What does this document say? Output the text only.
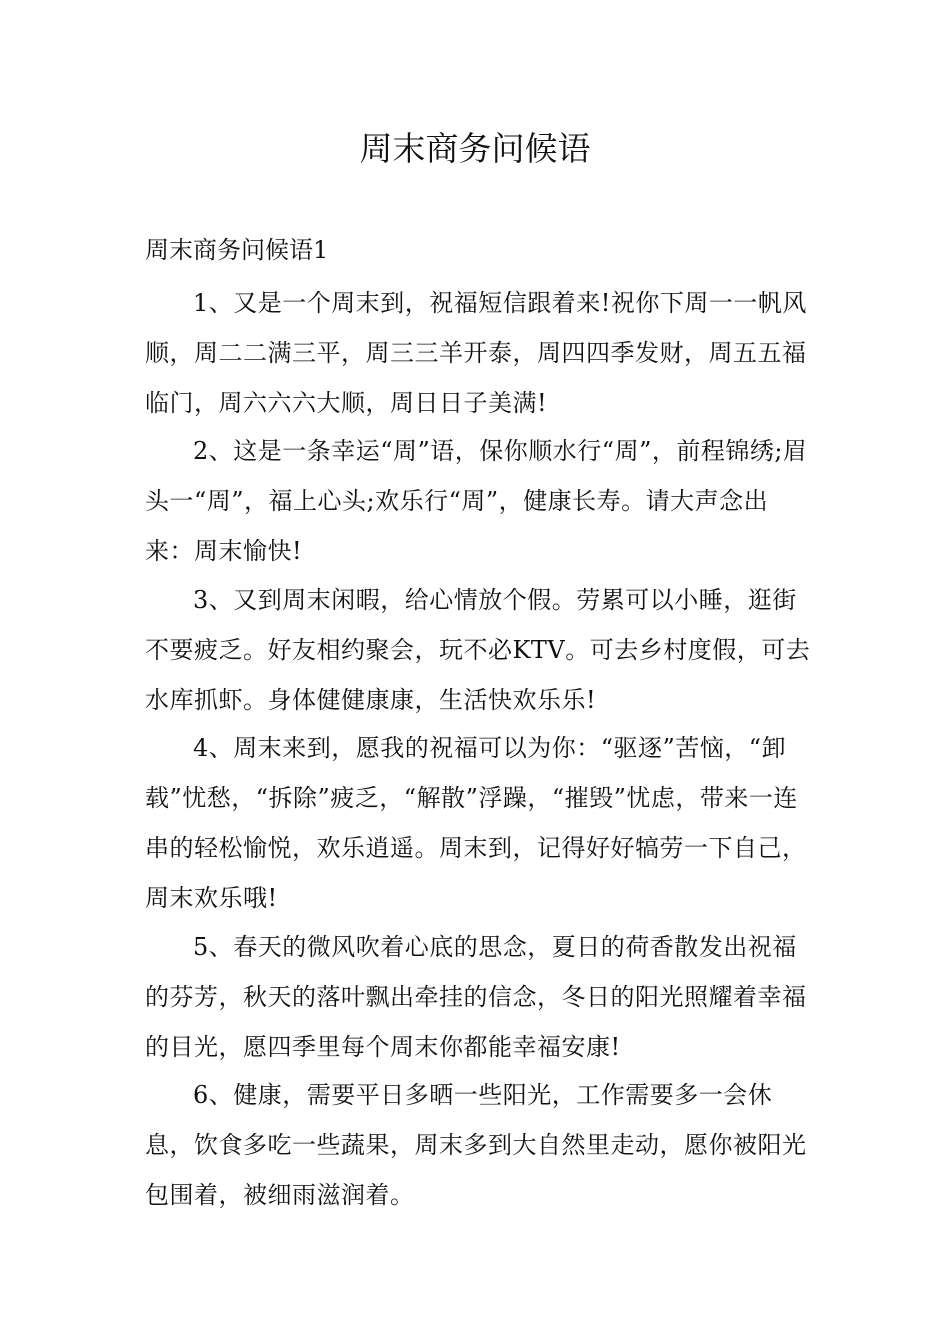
周末商务问候语
周末商务问候语1

1、又是一个周末到，祝福短信跟着来!祝你下周一一帆风顺，周二二满三平，周三三羊开泰，周四四季发财，周五五福临门，周六六六大顺，周日日子美满!

2、这是一条幸运“周”语，保你顺水行“周”，前程锦绣;眉头一“周”，福上心头;欢乐行“周”，健康长寿。请大声念出来：周末愉快!

3、又到周末闲暇，给心情放个假。劳累可以小睡，逛街不要疲乏。好友相约聚会，玩不必KTV。可去乡村度假，可去水库抓虾。身体健健康康，生活快欢乐乐!

4、周末来到，愿我的祝福可以为你：“驱逐”苦恼，“卸载”忧愁，“拆除”疲乏，“解散”浮躁，“摧毁”忧虑，带来一连串的轻松愉悦，欢乐逍遥。周末到，记得好好犒劳一下自己，周末欢乐哦!

5、春天的微风吹着心底的思念，夏日的荷香散发出祝福的芬芳，秋天的落叶飘出牵挂的信念，冬日的阳光照耀着幸福的目光，愿四季里每个周末你都能幸福安康!

6、健康，需要平日多晒一些阳光，工作需要多一会休息，饮食多吃一些蔬果，周末多到大自然里走动，愿你被阳光包围着，被细雨滋润着。
